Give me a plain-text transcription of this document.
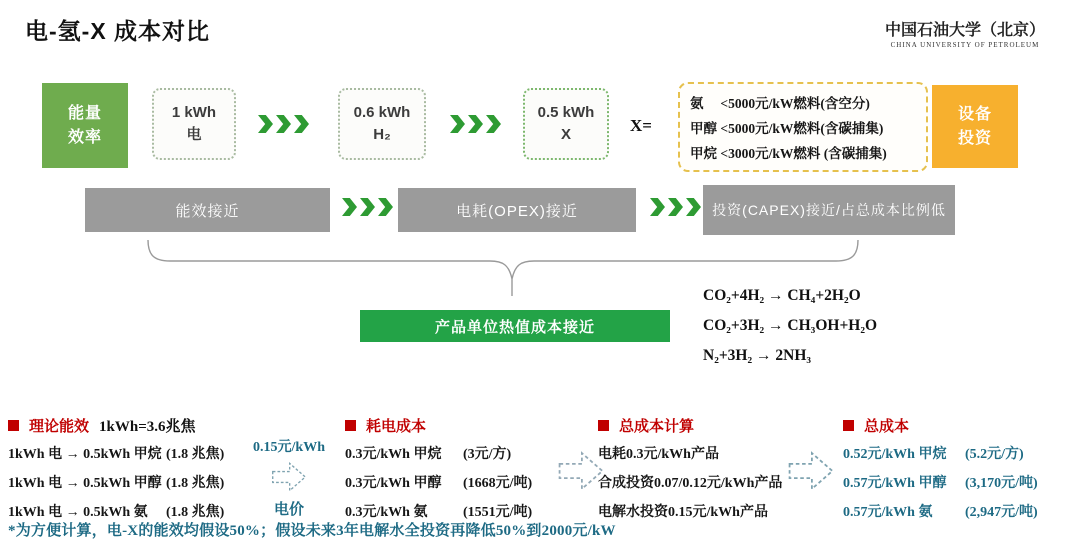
电-氢-X 成本对比	中国石油大学（北京）
CHINA UNIVERSITY OF PETROLEUM
能量效率
1 kWh
电
0.6 kWh
H₂
0.5 kWh
X	X=
氨　 <5000元/kW燃料(含空分)
甲醇 <5000元/kW燃料(含碳捕集)
甲烷 <3000元/kW燃料 (含碳捕集)
设备投资
能效接近	电耗(OPEX)接近	投资(CAPEX)接近/占总成本比例低
产品单位热值成本接近
CO₂+4H₂ → CH₄+2H₂O
CO₂+3H₂ → CH₃OH+H₂O
N₂+3H₂ → 2NH₃
理论能效 1kWh=3.6兆焦
1kWh 电 → 0.5kWh 甲烷 (1.8 兆焦)
1kWh 电 → 0.5kWh 甲醇 (1.8 兆焦)
1kWh 电 → 0.5kWh 氨	(1.8 兆焦)
0.15元/kWh
电价
耗电成本
0.3元/kWh 甲烷	(3元/方)
0.3元/kWh 甲醇	(1668元/吨)
0.3元/kWh 氨	(1551元/吨)
总成本计算
电耗0.3元/kWh产品
合成投资0.07/0.12元/kWh产品
电解水投资0.15元/kWh产品
总成本
0.52元/kWh 甲烷	(5.2元/方)
0.57元/kWh 甲醇	(3,170元/吨)
0.57元/kWh 氨	(2,947元/吨)
*为方便计算，电-X的能效均假设50%；假设未来3年电解水全投资再降低50%到2000元/kW
